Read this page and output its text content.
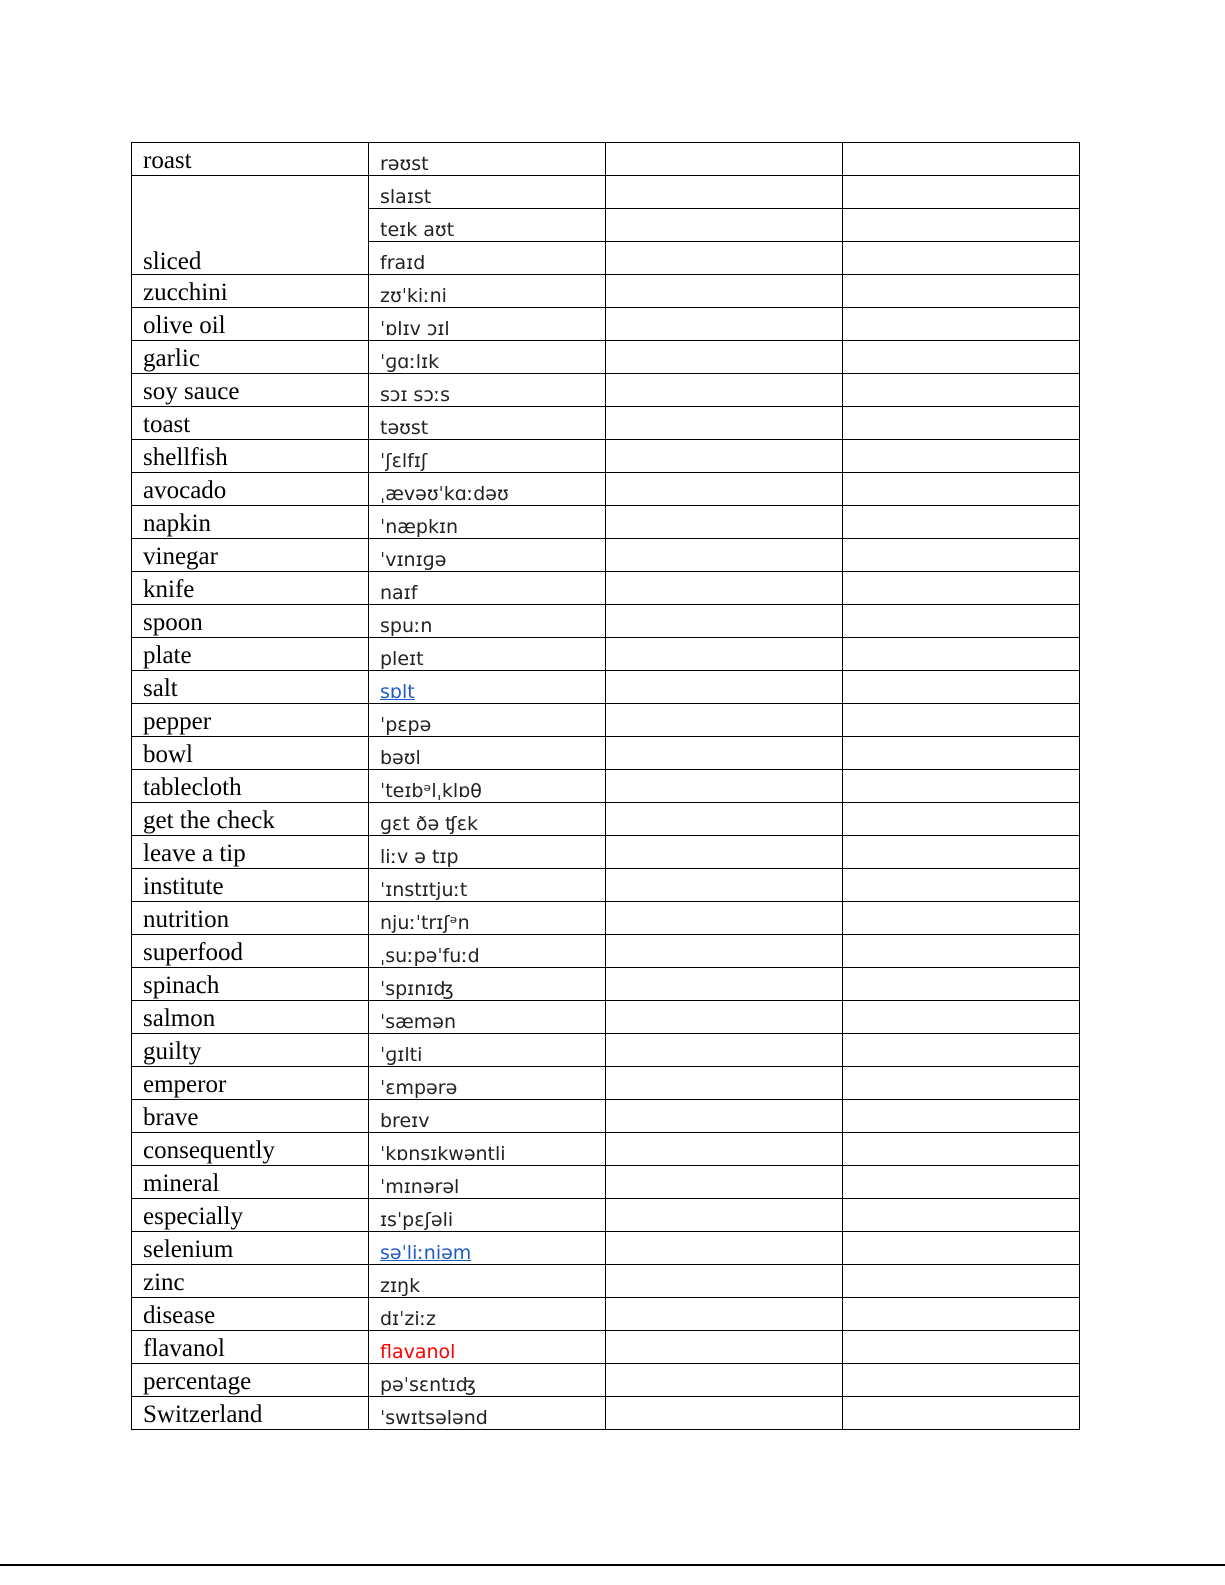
roast	rəʊst		

sliced	slaɪst		

	teɪk aʊt		

	fraɪd		

zucchini	zʊˈkiːni		

olive oil	ˈɒlɪv ɔɪl		

garlic	ˈɡɑːlɪk		

soy sauce	sɔɪ sɔːs		

toast	təʊst		

shellfish	ˈʃɛlfɪʃ		

avocado	ˌævəʊˈkɑːdəʊ		

napkin	ˈnæpkɪn		

vinegar	ˈvɪnɪɡə		

knife	naɪf		

spoon	spuːn		

plate	pleɪt		

salt	sɒlt		

pepper	ˈpɛpə		

bowl	bəʊl		

tablecloth	ˈteɪbᵊlˌklɒθ		

get the check	ɡɛt ðə ʧɛk		

leave a tip	liːv ə tɪp		

institute	ˈɪnstɪtjuːt		

nutrition	njuːˈtrɪʃᵊn		

superfood	ˌsuːpəˈfuːd		

spinach	ˈspɪnɪʤ		

salmon	ˈsæmən		

guilty	ˈɡɪlti		

emperor	ˈɛmpərə		

brave	breɪv		

consequently	ˈkɒnsɪkwəntli		

mineral	ˈmɪnərəl		

especially	ɪsˈpɛʃəli		

selenium	səˈliːniəm		

zinc	zɪŋk		

disease	dɪˈziːz		

flavanol	flavanol		

percentage	pəˈsɛntɪʤ		

Switzerland	ˈswɪtsələnd		
